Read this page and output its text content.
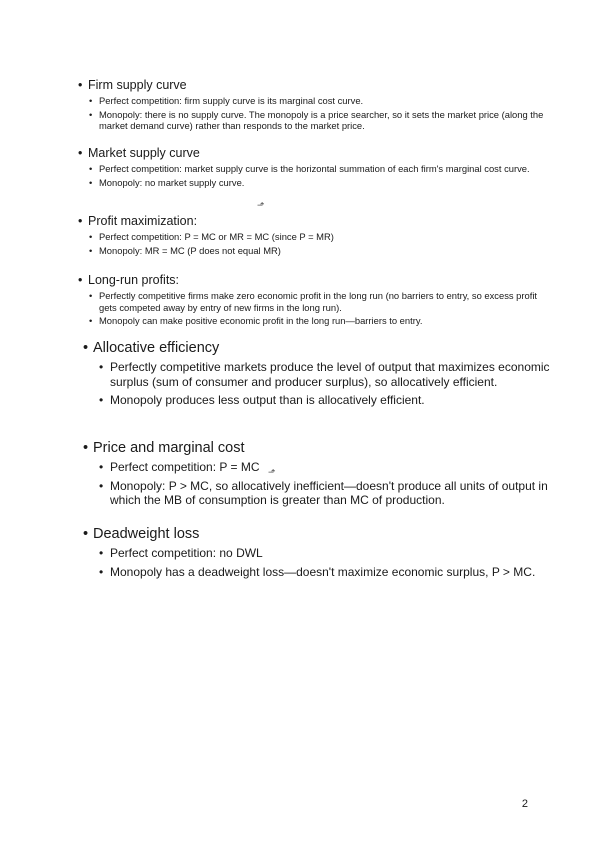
• Firm supply curve
• Perfect competition: firm supply curve is its marginal cost curve.
• Monopoly: there is no supply curve. The monopoly is a price searcher, so it sets the market price (along the market demand curve) rather than responds to the market price.
• Market supply curve
• Perfect competition: market supply curve is the horizontal summation of each firm's marginal cost curve.
• Monopoly: no market supply curve.
• Profit maximization:
• Perfect competition: P = MC or MR = MC (since P = MR)
• Monopoly: MR = MC (P does not equal MR)
• Long-run profits:
• Perfectly competitive firms make zero economic profit in the long run (no barriers to entry, so excess profit gets competed away by entry of new firms in the long run).
• Monopoly can make positive economic profit in the long run—barriers to entry.
• Allocative efficiency
• Perfectly competitive markets produce the level of output that maximizes economic surplus (sum of consumer and producer surplus), so allocatively efficient.
• Monopoly produces less output than is allocatively efficient.
• Price and marginal cost
• Perfect competition: P = MC
• Monopoly: P > MC, so allocatively inefficient—doesn't produce all units of output in which the MB of consumption is greater than MC of production.
• Deadweight loss
• Perfect competition: no DWL
• Monopoly has a deadweight loss—doesn't maximize economic surplus, P > MC.
⬏
⬏
2
